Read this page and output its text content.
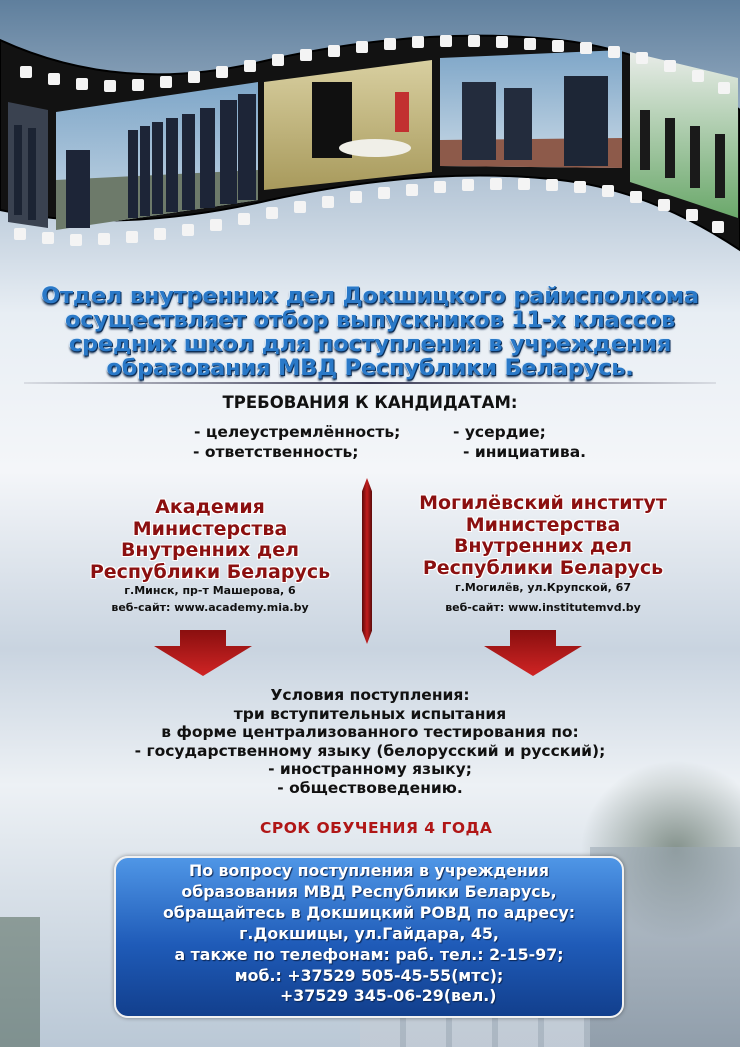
Отдел внутренних дел Докшицкого райисполкома
осуществляет отбор выпускников 11-х классов
средних школ для поступления в учреждения
образования МВД Республики Беларусь.
ТРЕБОВАНИЯ К КАНДИДАТАМ:
- целеустремлённость;	- усердие;
- ответственность;	- инициатива.
Академия
Министерства
Внутренних дел
Республики Беларусь
г.Минск, пр-т Машерова, 6
веб-сайт: www.academy.mia.by
Могилёвский институт
Министерства
Внутренних дел
Республики Беларусь
г.Могилёв, ул.Крупской, 67
веб-сайт: www.institutemvd.by
Условия поступления:
три вступительных испытания
в форме централизованного тестирования по:
- государственному языку (белорусский и русский);
- иностранному языку;
- обществоведению.
СРОК ОБУЧЕНИЯ 4 ГОДА
По вопросу поступления в учреждения
образования МВД Республики Беларусь,
обращайтесь в Докшицкий РОВД по адресу:
г.Докшицы, ул.Гайдара, 45,
а также по телефонам: раб. тел.: 2-15-97;
моб.: +37529 505-45-55(мтс);
+37529 345-06-29(вел.)
